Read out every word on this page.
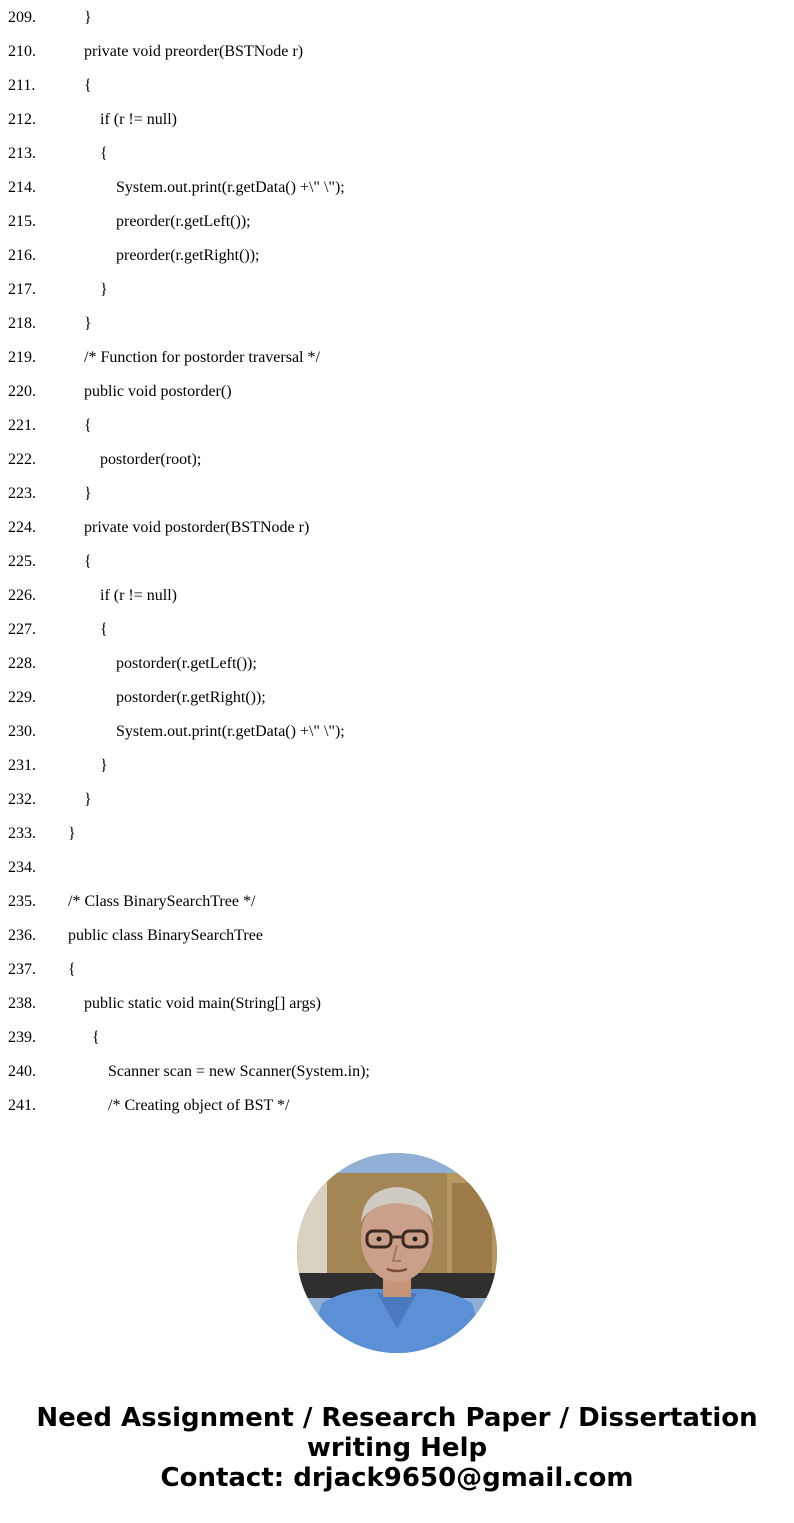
209.	}
210.	private void preorder(BSTNode r)
211.	{
212.	if (r != null)
213.	{
214.	System.out.print(r.getData() +\" \");
215.	preorder(r.getLeft());
216.	preorder(r.getRight());
217.	}
218.	}
219.	/* Function for postorder traversal */
220.	public void postorder()
221.	{
222.	postorder(root);
223.	}
224.	private void postorder(BSTNode r)
225.	{
226.	if (r != null)
227.	{
228.	postorder(r.getLeft());
229.	postorder(r.getRight());
230.	System.out.print(r.getData() +\" \");
231.	}
232.	}
233. }
234.
235. /* Class BinarySearchTree */
236. public class BinarySearchTree
237. {
238.	public static void main(String[] args)
239.	{
240.	Scanner scan = new Scanner(System.in);
241.	/* Creating object of BST */
Need Assignment / Research Paper / Dissertation
writing Help
Contact: drjack9650@gmail.com
